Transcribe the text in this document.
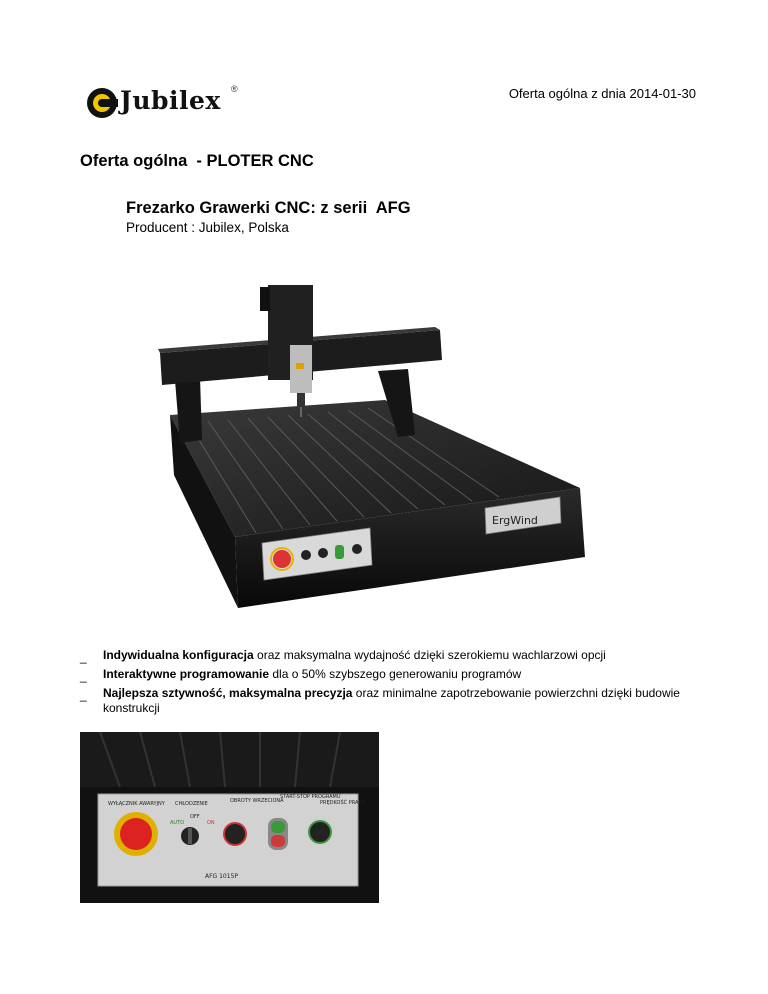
Jubilex ®	Oferta ogólna z dnia 2014-01-30
Oferta ogólna  - PLOTER CNC
Frezarko Grawerki CNC: z serii  AFG
Producent : Jubilex, Polska
ErgWind
_ Indywidualna konfiguracja oraz maksymalna wydajność dzięki szerokiemu wachlarzowi opcji
_ Interaktywne programowanie dla o 50% szybszego generowaniu programów
_ Najlepsza sztywność, maksymalna precyzja oraz minimalne zapotrzebowanie powierzchni dzięki budowie konstrukcji
WYŁĄCZNIK AWARYJNY CHŁODZENIE	OBROTY WRZECIONA
START-STOP PROGRAMU
PRĘDKOŚĆ PRACY
OFF
AUTO	ON
AFG 1015P
